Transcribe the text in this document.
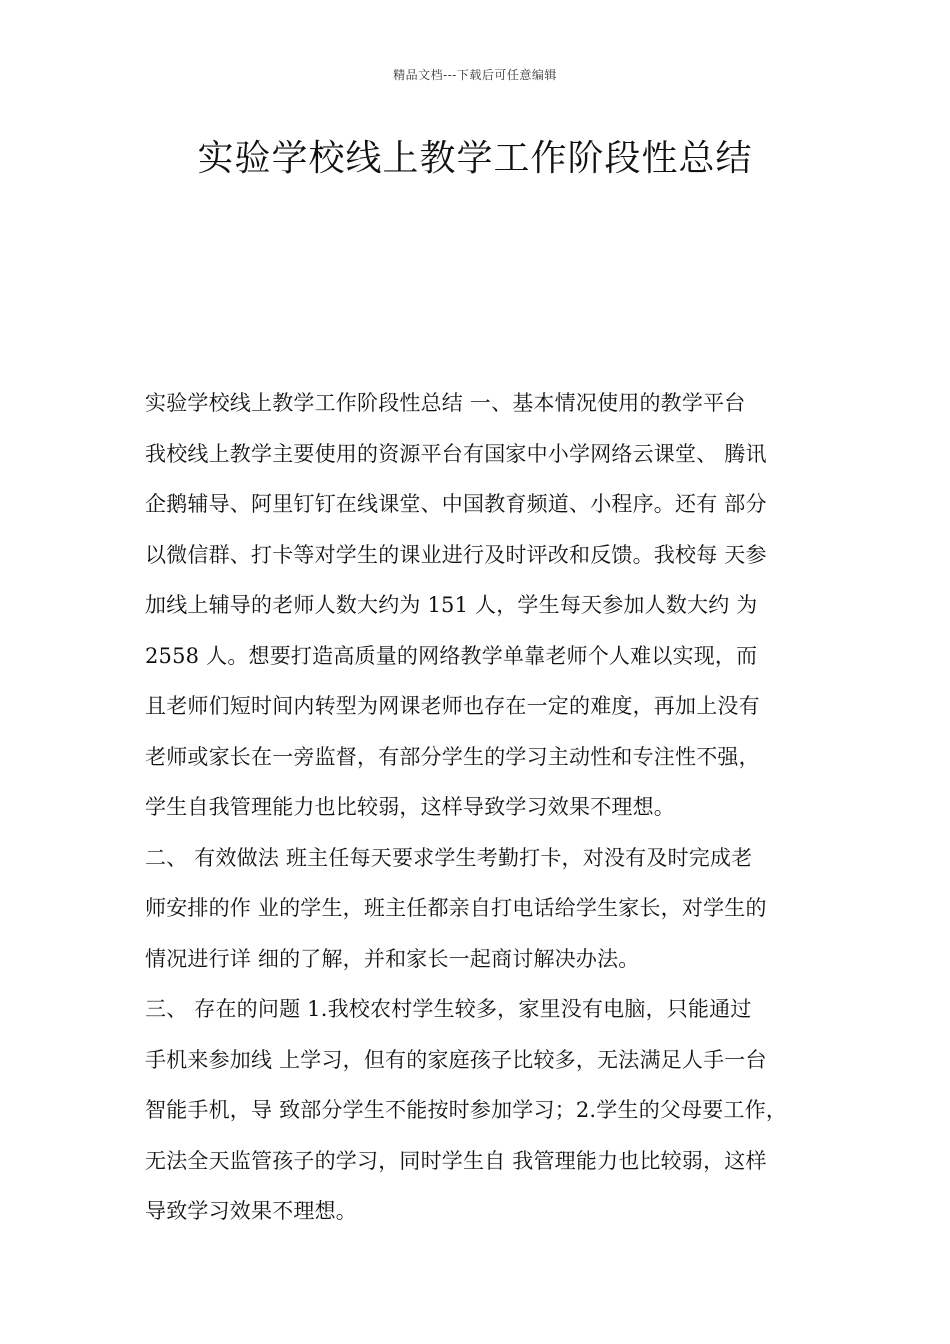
精品文档---下载后可任意编辑
实验学校线上教学工作阶段性总结
实验学校线上教学工作阶段性总结 一、基本情况使用的教学平台
我校线上教学主要使用的资源平台有国家中小学网络云课堂、 腾讯
企鹅辅导、阿里钉钉在线课堂、中国教育频道、小程序。还有 部分
以微信群、打卡等对学生的课业进行及时评改和反馈。我校每 天参
加线上辅导的老师人数大约为 151 人，学生每天参加人数大约 为
2558 人。想要打造高质量的网络教学单靠老师个人难以实现，而
且老师们短时间内转型为网课老师也存在一定的难度，再加上没有
老师或家长在一旁监督，有部分学生的学习主动性和专注性不强，
学生自我管理能力也比较弱，这样导致学习效果不理想。
二、 有效做法 班主任每天要求学生考勤打卡，对没有及时完成老
师安排的作 业的学生，班主任都亲自打电话给学生家长，对学生的
情况进行详 细的了解，并和家长一起商讨解决办法。
三、 存在的问题 1.我校农村学生较多，家里没有电脑，只能通过
手机来参加线 上学习，但有的家庭孩子比较多，无法满足人手一台
智能手机，导 致部分学生不能按时参加学习；2.学生的父母要工作，
无法全天监管孩子的学习，同时学生自 我管理能力也比较弱，这样
导致学习效果不理想。
